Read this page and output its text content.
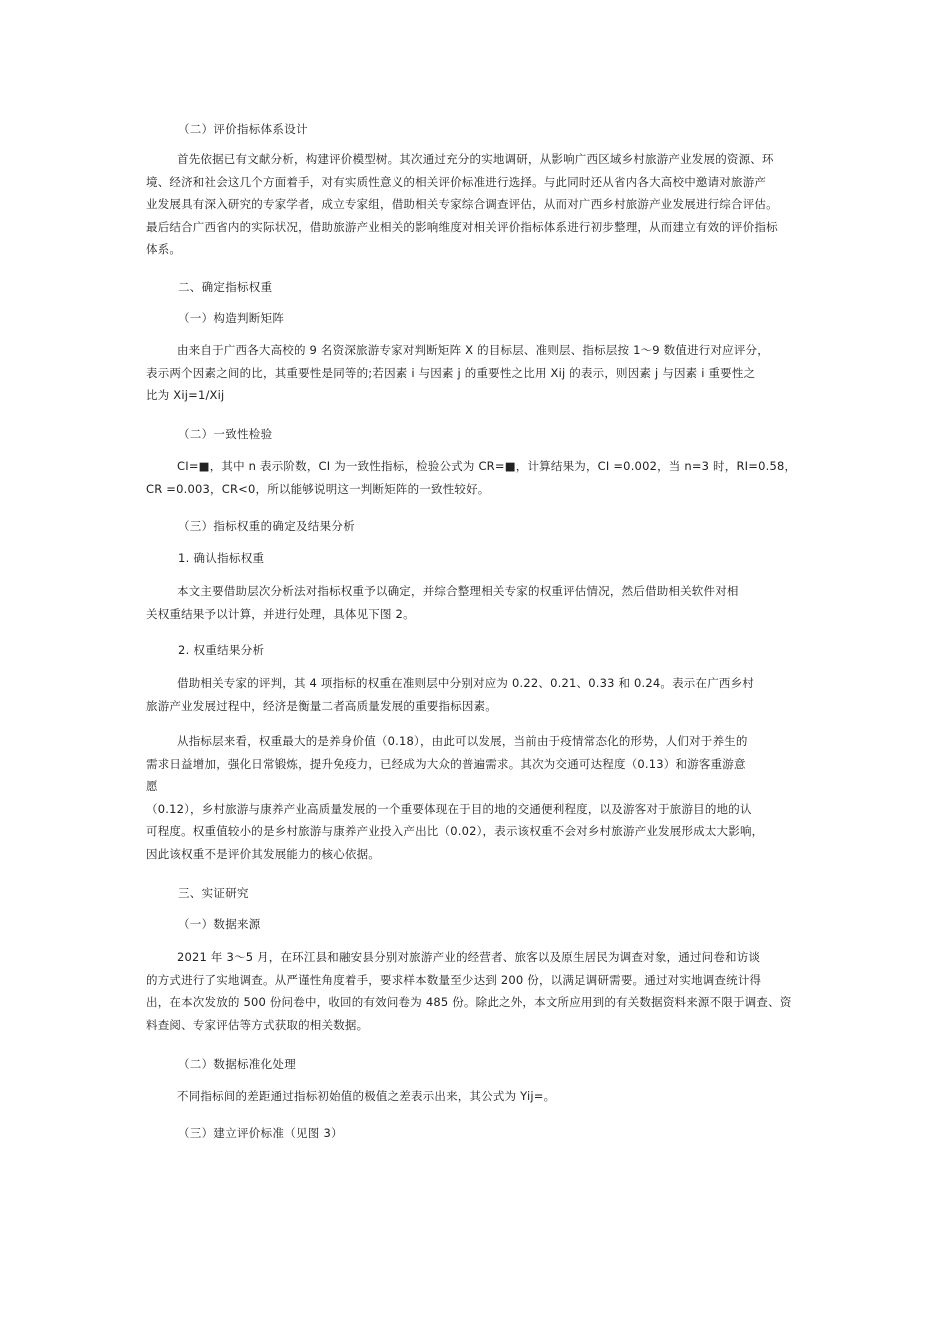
（二）评价指标体系设计
首先依据已有文献分析，构建评价模型树。其次通过充分的实地调研，从影响广西区域乡村旅游产业发展的资源、环
境、经济和社会这几个方面着手，对有实质性意义的相关评价标准进行选择。与此同时还从省内各大高校中邀请对旅游产
业发展具有深入研究的专家学者，成立专家组，借助相关专家综合调查评估，从而对广西乡村旅游产业发展进行综合评估。
最后结合广西省内的实际状况，借助旅游产业相关的影响维度对相关评价指标体系进行初步整理，从而建立有效的评价指标
体系。
二、确定指标权重
（一）构造判断矩阵
由来自于广西各大高校的 9 名资深旅游专家对判断矩阵 X 的目标层、准则层、指标层按 1～9 数值进行对应评分，
表示两个因素之间的比，其重要性是同等的;若因素 i 与因素 j 的重要性之比用 Xij 的表示，则因素 j 与因素 i 重要性之
比为 Xij=1/Xij
（二）一致性检验
CI=■，其中 n 表示阶数，CI 为一致性指标，检验公式为 CR=■，计算结果为，CI =0.002，当 n=3 时，RI=0.58，
CR =0.003，CR<0，所以能够说明这一判断矩阵的一致性较好。
（三）指标权重的确定及结果分析
1. 确认指标权重
本文主要借助层次分析法对指标权重予以确定，并综合整理相关专家的权重评估情况，然后借助相关软件对相
关权重结果予以计算，并进行处理，具体见下图 2。
2. 权重结果分析
借助相关专家的评判，其 4 项指标的权重在准则层中分别对应为 0.22、0.21、0.33 和 0.24。表示在广西乡村
旅游产业发展过程中，经济是衡量二者高质量发展的重要指标因素。
从指标层来看，权重最大的是养身价值（0.18），由此可以发展，当前由于疫情常态化的形势，人们对于养生的
需求日益增加，强化日常锻炼，提升免疫力，已经成为大众的普遍需求。其次为交通可达程度（0.13）和游客重游意
愿
（0.12），乡村旅游与康养产业高质量发展的一个重要体现在于目的地的交通便利程度，以及游客对于旅游目的地的认
可程度。权重值较小的是乡村旅游与康养产业投入产出比（0.02），表示该权重不会对乡村旅游产业发展形成太大影响，
因此该权重不是评价其发展能力的核心依据。
三、实证研究
（一）数据来源
2021 年 3～5 月，在环江县和融安县分别对旅游产业的经营者、旅客以及原生居民为调查对象，通过问卷和访谈
的方式进行了实地调查。从严谨性角度着手，要求样本数量至少达到 200 份，以满足调研需要。通过对实地调查统计得
出，在本次发放的 500 份问卷中，收回的有效问卷为 485 份。除此之外，本文所应用到的有关数据资料来源不限于调查、资
料查阅、专家评估等方式获取的相关数据。
（二）数据标准化处理
不同指标间的差距通过指标初始值的极值之差表示出来，其公式为 Yij=。
（三）建立评价标准（见图 3）
